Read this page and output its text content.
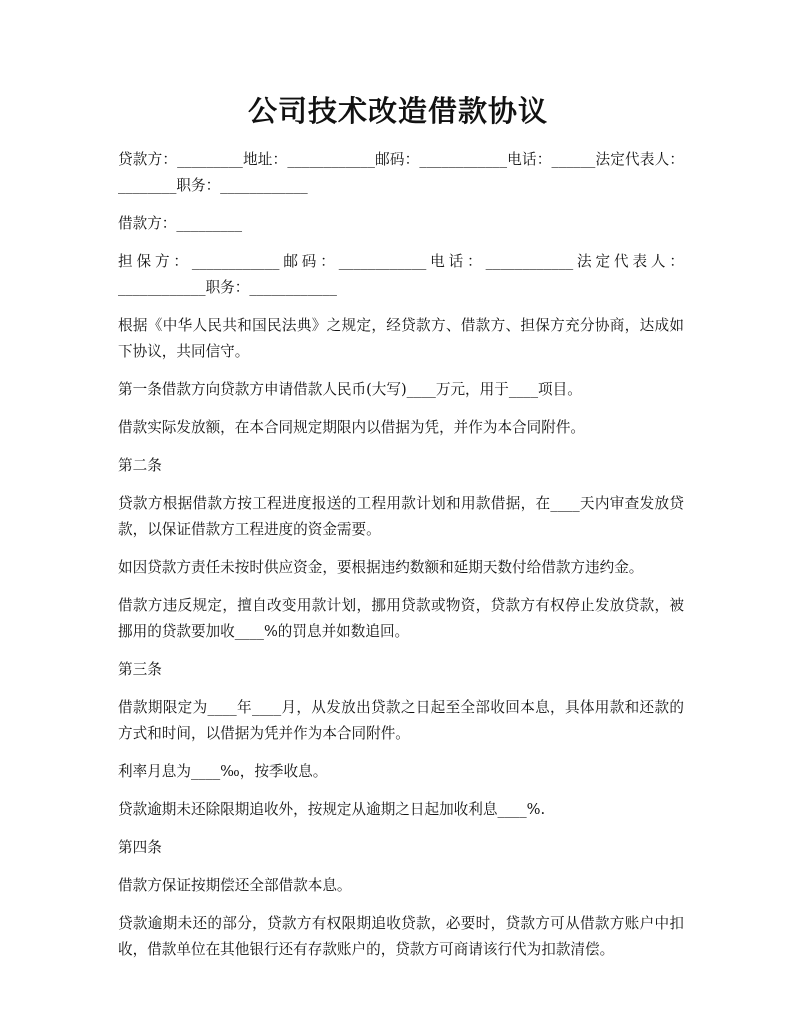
公司技术改造借款协议

贷款方：_________地址：____________邮码：____________电话：______法定代表人：________职务：____________

借款方：_________

担保方：____________邮码：____________电话：____________法定代表人：____________职务：____________

根据《中华人民共和国民法典》之规定，经贷款方、借款方、担保方充分协商，达成如下协议，共同信守。

第一条借款方向贷款方申请借款人民币(大写)____万元，用于____项目。

借款实际发放额，在本合同规定期限内以借据为凭，并作为本合同附件。

第二条

贷款方根据借款方按工程进度报送的工程用款计划和用款借据，在____天内审查发放贷款，以保证借款方工程进度的资金需要。

如因贷款方责任未按时供应资金，要根据违约数额和延期天数付给借款方违约金。

借款方违反规定，擅自改变用款计划，挪用贷款或物资，贷款方有权停止发放贷款，被挪用的贷款要加收____%的罚息并如数追回。

第三条

借款期限定为____年____月，从发放出贷款之日起至全部收回本息，具体用款和还款的方式和时间，以借据为凭并作为本合同附件。

利率月息为____‰，按季收息。

贷款逾期未还除限期追收外，按规定从逾期之日起加收利息____%.

第四条

借款方保证按期偿还全部借款本息。

贷款逾期未还的部分，贷款方有权限期追收贷款，必要时，贷款方可从借款方账户中扣收，借款单位在其他银行还有存款账户的，贷款方可商请该行代为扣款清偿。
